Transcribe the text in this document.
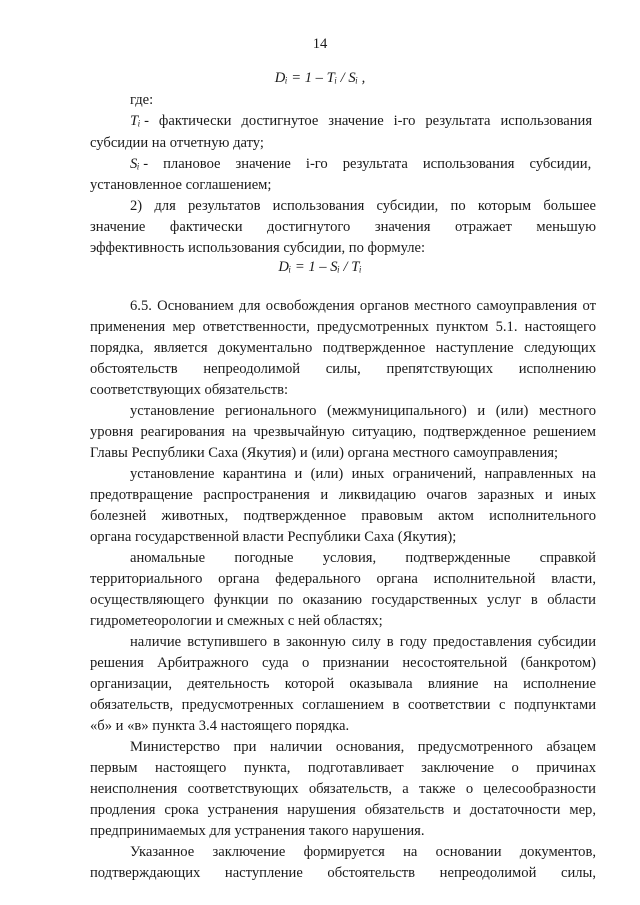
14
Dᵢ = 1 – Tᵢ / Sᵢ ,
где:
Tᵢ - фактически достигнутое значение i-го результата использования
субсидии на отчетную дату;
Sᵢ - плановое значение i-го результата использования субсидии,
установленное соглашением;
2) для результатов использования субсидии, по которым большее
значение фактически достигнутого значения отражает меньшую
эффективность использования субсидии, по формуле:
Dᵢ = 1 – Sᵢ / Tᵢ
6.5. Основанием для освобождения органов местного самоуправления от
применения мер ответственности, предусмотренных пунктом 5.1. настоящего
порядка, является документально подтвержденное наступление следующих
обстоятельств непреодолимой силы, препятствующих исполнению
соответствующих обязательств:
установление регионального (межмуниципального) и (или) местного
уровня реагирования на чрезвычайную ситуацию, подтвержденное решением
Главы Республики Саха (Якутия) и (или) органа местного самоуправления;
установление карантина и (или) иных ограничений, направленных на
предотвращение распространения и ликвидацию очагов заразных и иных
болезней животных, подтвержденное правовым актом исполнительного
органа государственной власти Республики Саха (Якутия);
аномальные погодные условия, подтвержденные справкой
территориального органа федерального органа исполнительной власти,
осуществляющего функции по оказанию государственных услуг в области
гидрометеорологии и смежных с ней областях;
наличие вступившего в законную силу в году предоставления субсидии
решения Арбитражного суда о признании несостоятельной (банкротом)
организации, деятельность которой оказывала влияние на исполнение
обязательств, предусмотренных соглашением в соответствии с подпунктами
«б» и «в» пункта 3.4 настоящего порядка.
Министерство при наличии основания, предусмотренного абзацем
первым настоящего пункта, подготавливает заключение о причинах
неисполнения соответствующих обязательств, а также о целесообразности
продления срока устранения нарушения обязательств и достаточности мер,
предпринимаемых для устранения такого нарушения.
Указанное заключение формируется на основании документов,
подтверждающих наступление обстоятельств непреодолимой силы,
